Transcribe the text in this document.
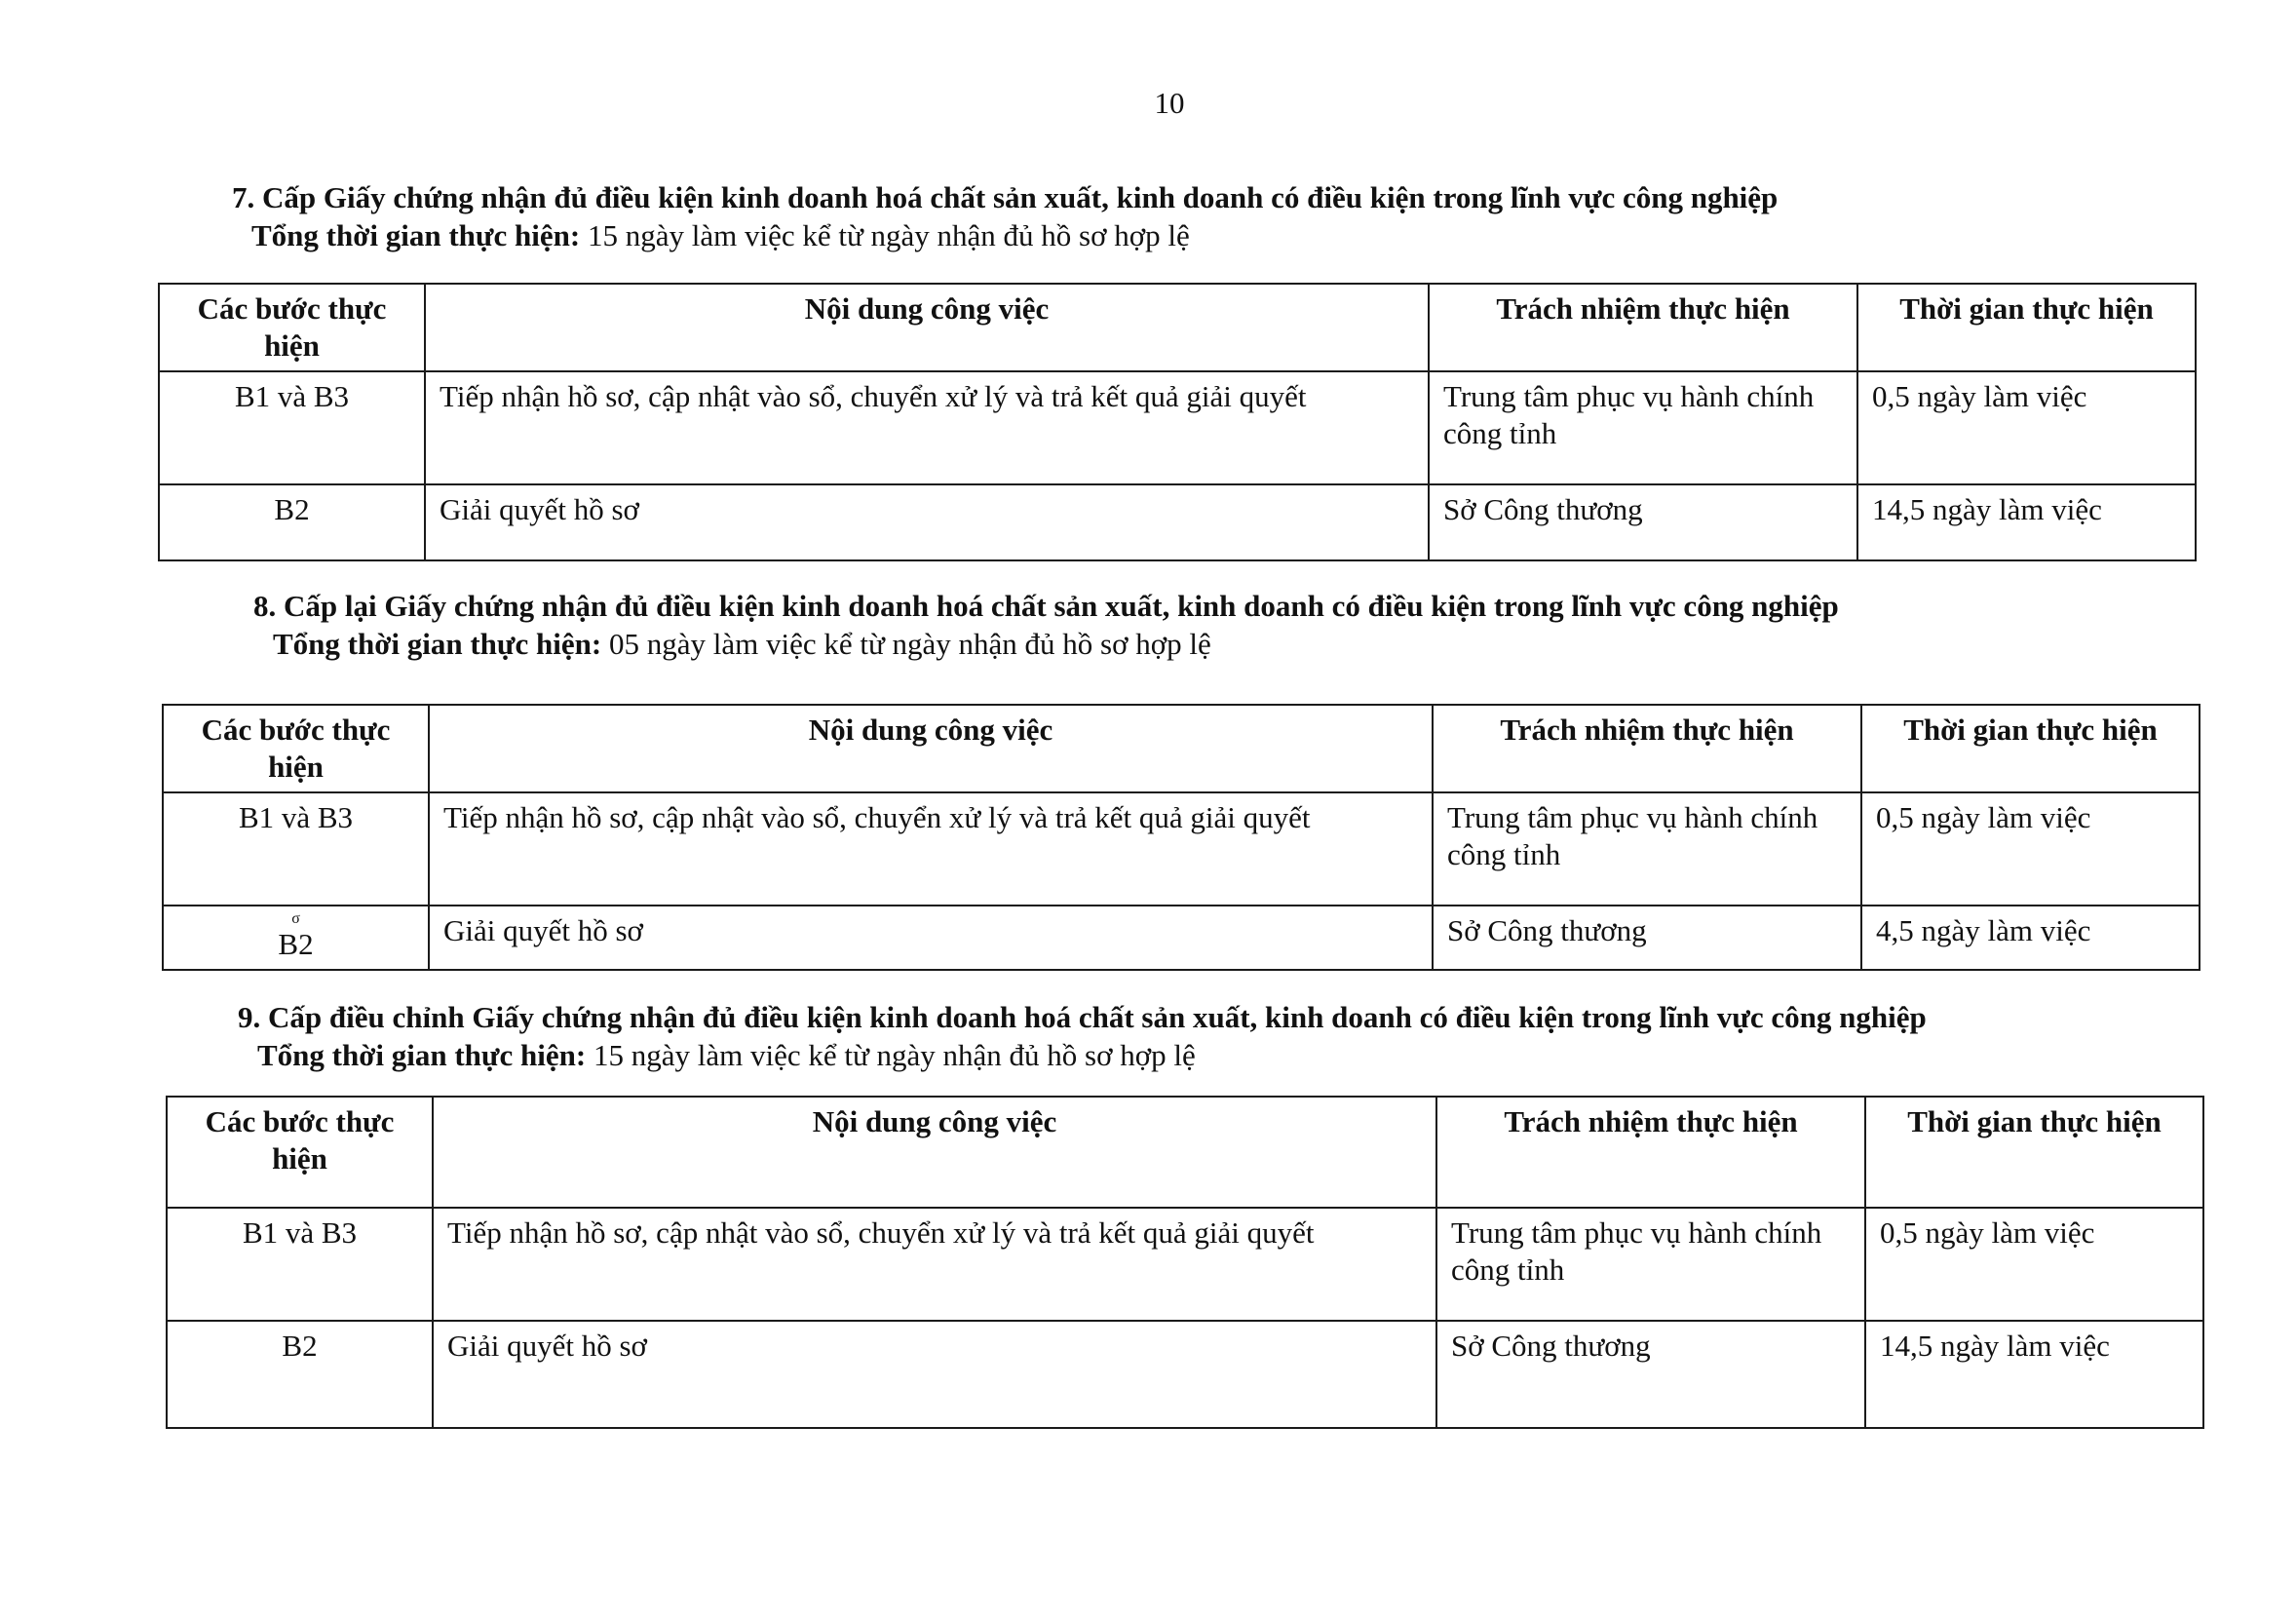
10

7. Cấp Giấy chứng nhận đủ điều kiện kinh doanh hoá chất sản xuất, kinh doanh có điều kiện trong lĩnh vực công nghiệp

Tổng thời gian thực hiện: 15 ngày làm việc kể từ ngày nhận đủ hồ sơ hợp lệ

Các bước thực hiện	Nội dung công việc	Trách nhiệm thực hiện	Thời gian thực hiện
B1 và B3	Tiếp nhận hồ sơ, cập nhật vào sổ, chuyển xử lý và trả kết quả giải quyết	Trung tâm phục vụ hành chính công tỉnh	0,5 ngày làm việc
B2	Giải quyết hồ sơ	Sở Công thương	14,5 ngày làm việc

8. Cấp lại Giấy chứng nhận đủ điều kiện kinh doanh hoá chất sản xuất, kinh doanh có điều kiện trong lĩnh vực công nghiệp

Tổng thời gian thực hiện: 05 ngày làm việc kể từ ngày nhận đủ hồ sơ hợp lệ

Các bước thực hiện	Nội dung công việc	Trách nhiệm thực hiện	Thời gian thực hiện
B1 và B3	Tiếp nhận hồ sơ, cập nhật vào sổ, chuyển xử lý và trả kết quả giải quyết	Trung tâm phục vụ hành chính công tỉnh	0,5 ngày làm việc

σ
B2	Giải quyết hồ sơ	Sở Công thương	4,5 ngày làm việc

9. Cấp điều chỉnh Giấy chứng nhận đủ điều kiện kinh doanh hoá chất sản xuất, kinh doanh có điều kiện trong lĩnh vực công nghiệp

Tổng thời gian thực hiện: 15 ngày làm việc kể từ ngày nhận đủ hồ sơ hợp lệ

Các bước thực hiện	Nội dung công việc	Trách nhiệm thực hiện	Thời gian thực hiện
B1 và B3	Tiếp nhận hồ sơ, cập nhật vào sổ, chuyển xử lý và trả kết quả giải quyết	Trung tâm phục vụ hành chính công tỉnh	0,5 ngày làm việc
B2	Giải quyết hồ sơ	Sở Công thương	14,5 ngày làm việc
